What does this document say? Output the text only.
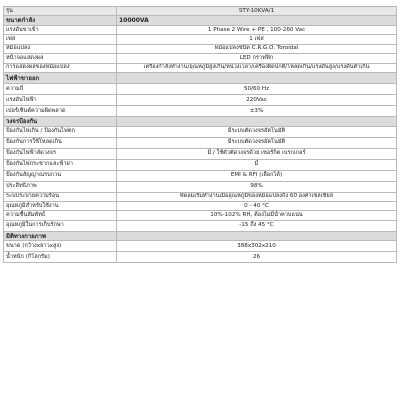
รุ่น	STY-10KVA/1
ขนาดกำลัง	10000VA
แรงดันขาเข้า	1 Phase 2 Wire + PE , 100-260 Vac
เฟส	1 เฟส
หม้อแปลง	หม้อแปลงชนิด C.R.G.O. Toroidal
หน้าจอแสดงผล	LED กราฟฟิก
การแสดงผลของหม้อแปลง	เครื่องกำลังทำงาน/อุณหภูมิสูงเกิน/หน่วงเวลา/เครื่องผิดปกติ/โหลดเกิน/แรงดันสูง/แรงดันต่ำเกิน
ไฟฟ้าขาออก	
ความถี่	50/60 Hz
แรงดันไฟฟ้า	220Vac
เปอร์เซ็นต์ความผิดพลาด	±3%
วงจรป้องกัน	
ป้องกันไฟเกิน / ป้องกันไฟตก	มีระบบตัดวงจรอัตโนมัติ
ป้องกันการใช้โหลดเกิน	มีระบบตัดวงจรอัตโนมัติ
ป้องกันไฟฟ้าลัดวงจร	มี / ใช้ตัวตัดวงจรด้วย เซอร์กิต เบรกเกอร์
ป้องกันไฟกระชากและฟ้าผ่า	มี
ป้องกันสัญญาณรบกวน	EMI & RFI (เลือกได้)
ประสิทธิภาพ	98%
ระบบระบายความร้อน	พัดลมเริ่มทำงานเมื่ออุณหภูมิของหม้อแปลงถึง 60 องศาเซลเซียส
อุณหภูมิสำหรับใช้งาน	0 - 40 °C
ความชื้นสัมพัทธ์	10%-102% RH, ต้องไม่มีน้ำควบแน่น
อุณหภูมิในการเก็บรักษา	-15 ถึง 45 °C
มิติทางกายภาพ	
ขนาด (กว้างxยาวxสูง)	388x302x210
น้ำหนัก (กิโลกรัม)	26
